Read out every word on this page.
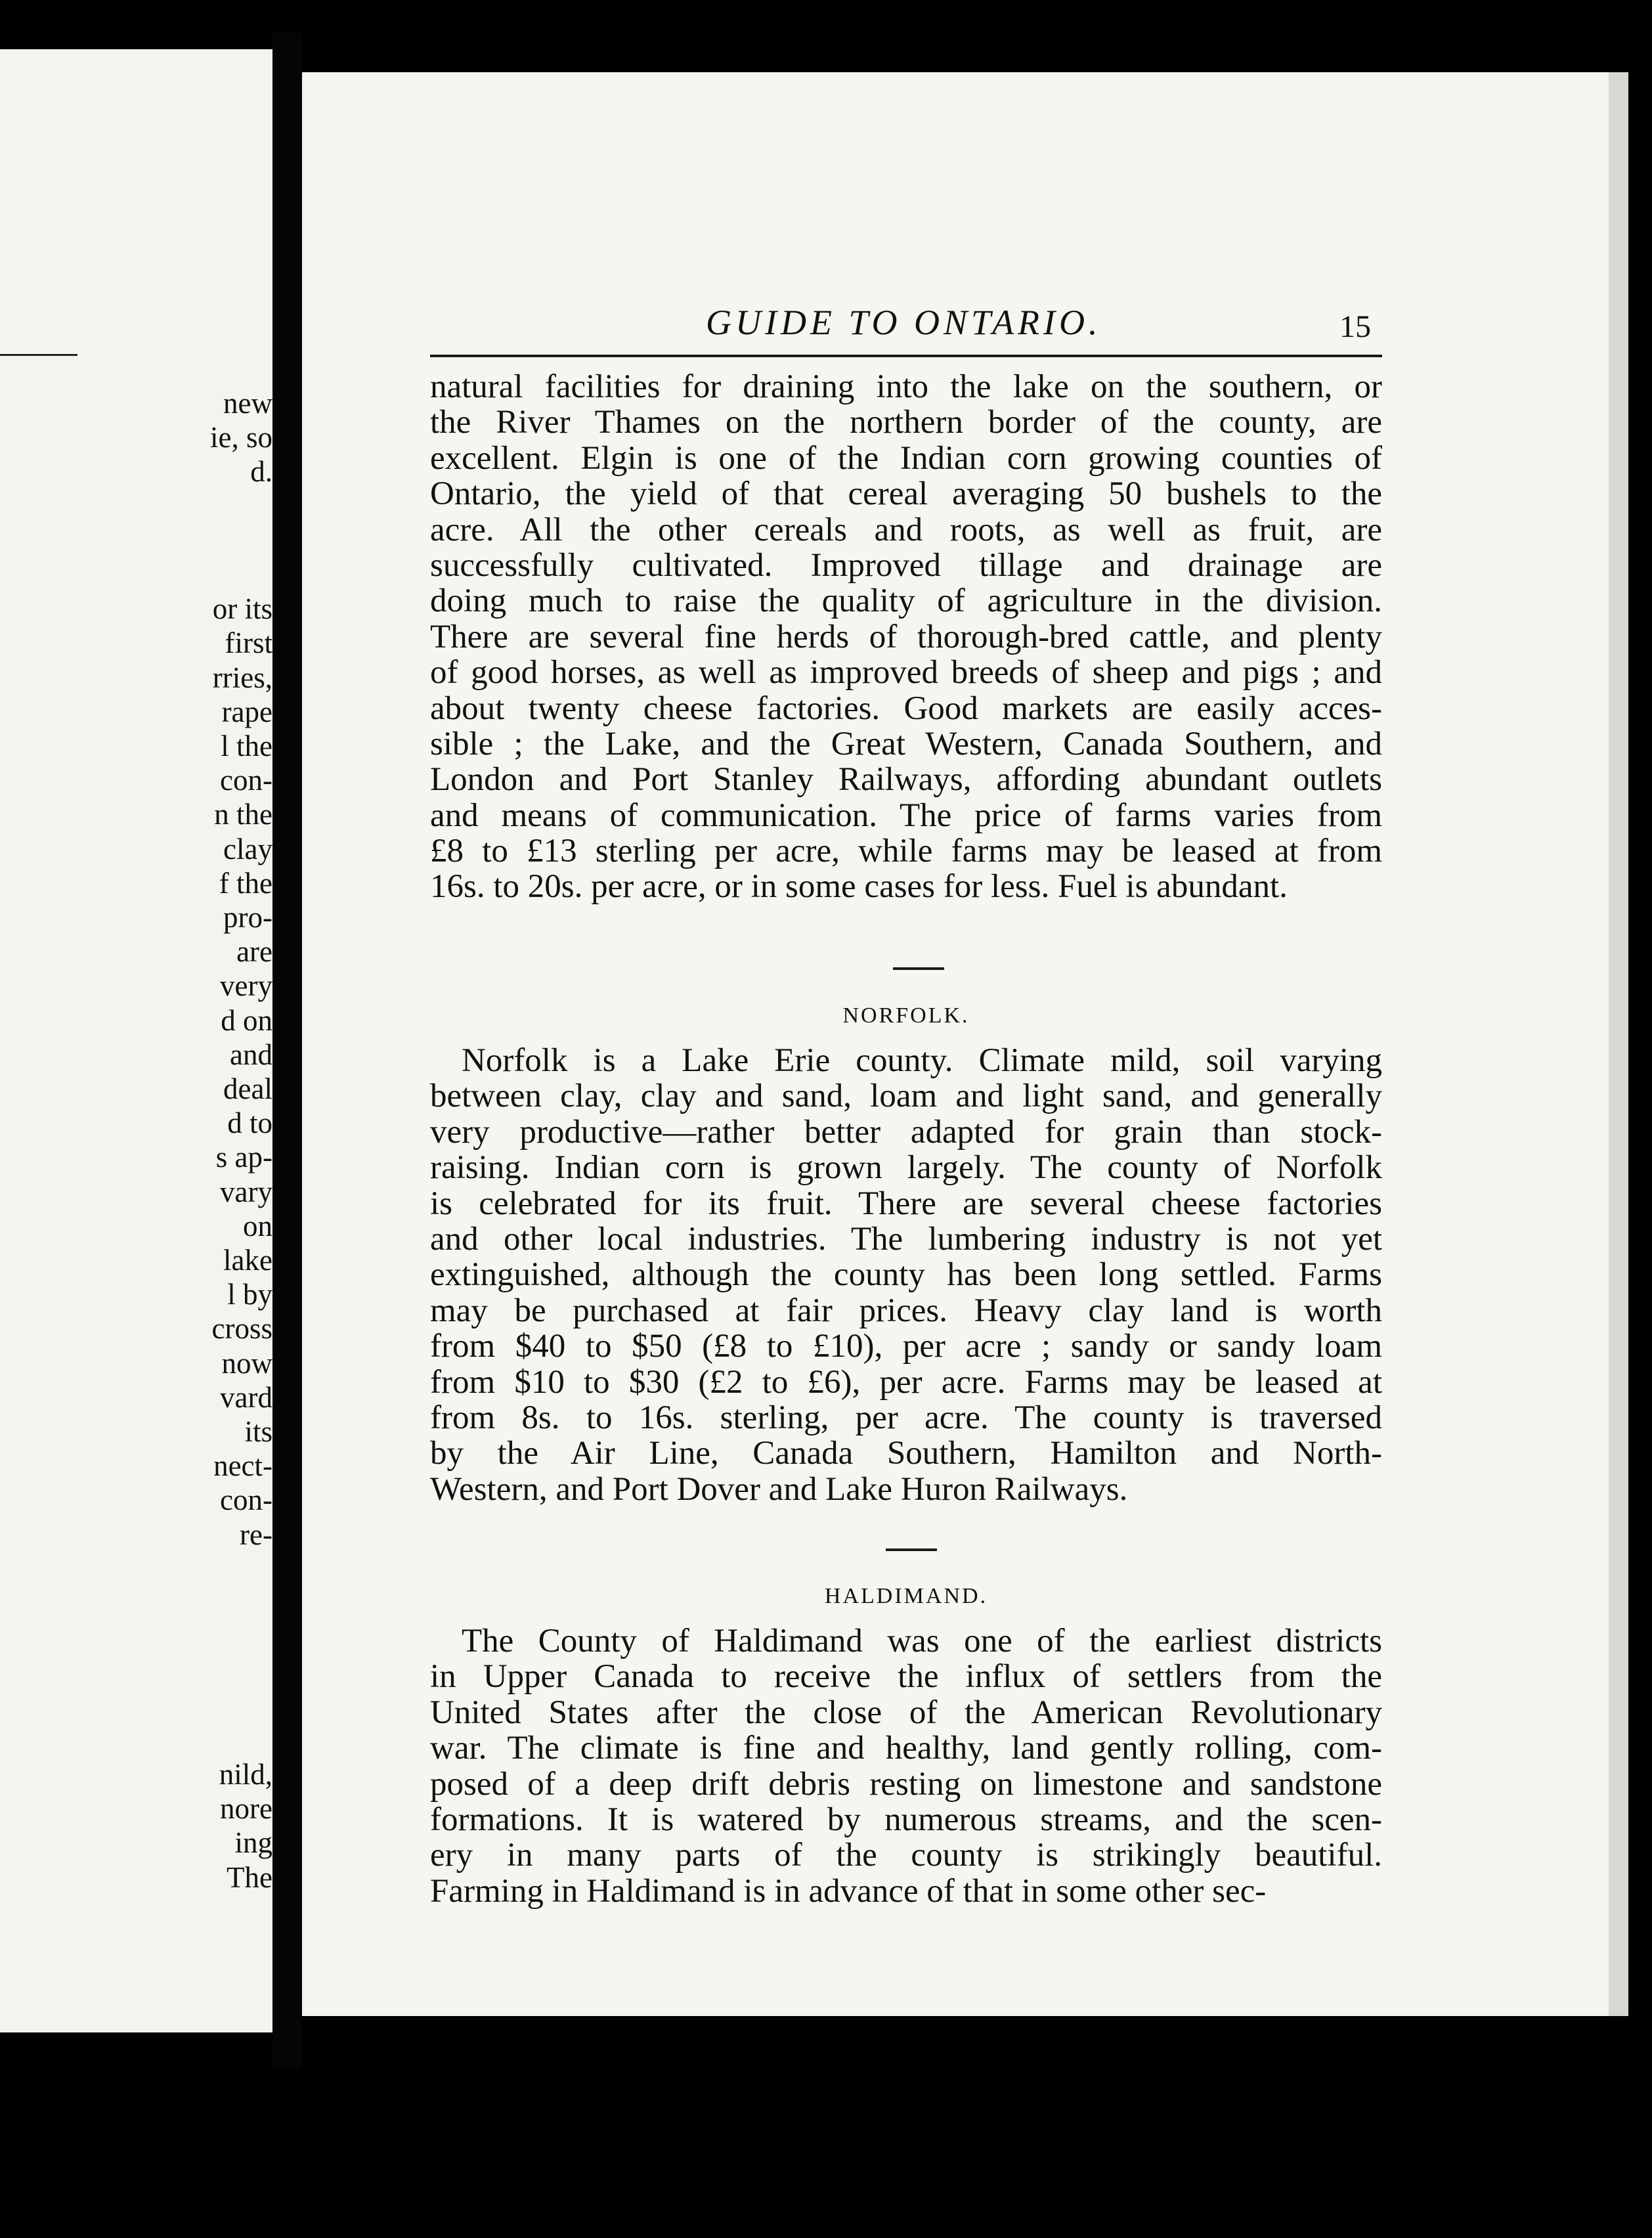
new
ie, so
d.
or its
first
rries,
rape
l the
con-
n the
clay
f the
pro-
are
very
d on
and
deal
d to
s ap-
vary
on
lake
l by
cross
now
vard
its
nect-
con-
re-
nild,
nore
ing
The
GUIDE TO ONTARIO.	15
natural facilities for draining into the lake on the southern, or
the River Thames on the northern border of the county, are
excellent. Elgin is one of the Indian corn growing counties of
Ontario, the yield of that cereal averaging 50 bushels to the
acre. All the other cereals and roots, as well as fruit, are
successfully cultivated. Improved tillage and drainage are
doing much to raise the quality of agriculture in the division.
There are several fine herds of thorough-bred cattle, and plenty
of good horses, as well as improved breeds of sheep and pigs ; and
about twenty cheese factories. Good markets are easily acces-
sible ; the Lake, and the Great Western, Canada Southern, and
London and Port Stanley Railways, affording abundant outlets
and means of communication. The price of farms varies from
£8 to £13 sterling per acre, while farms may be leased at from
16s. to 20s. per acre, or in some cases for less. Fuel is abundant.
NORFOLK.
Norfolk is a Lake Erie county. Climate mild, soil varying
between clay, clay and sand, loam and light sand, and generally
very productive—rather better adapted for grain than stock-
raising. Indian corn is grown largely. The county of Norfolk
is celebrated for its fruit. There are several cheese factories
and other local industries. The lumbering industry is not yet
extinguished, although the county has been long settled. Farms
may be purchased at fair prices. Heavy clay land is worth
from $40 to $50 (£8 to £10), per acre ; sandy or sandy loam
from $10 to $30 (£2 to £6), per acre. Farms may be leased at
from 8s. to 16s. sterling, per acre. The county is traversed
by the Air Line, Canada Southern, Hamilton and North-
Western, and Port Dover and Lake Huron Railways.
HALDIMAND.
The County of Haldimand was one of the earliest districts
in Upper Canada to receive the influx of settlers from the
United States after the close of the American Revolutionary
war. The climate is fine and healthy, land gently rolling, com-
posed of a deep drift debris resting on limestone and sandstone
formations. It is watered by numerous streams, and the scen-
ery in many parts of the county is strikingly beautiful.
Farming in Haldimand is in advance of that in some other sec-
